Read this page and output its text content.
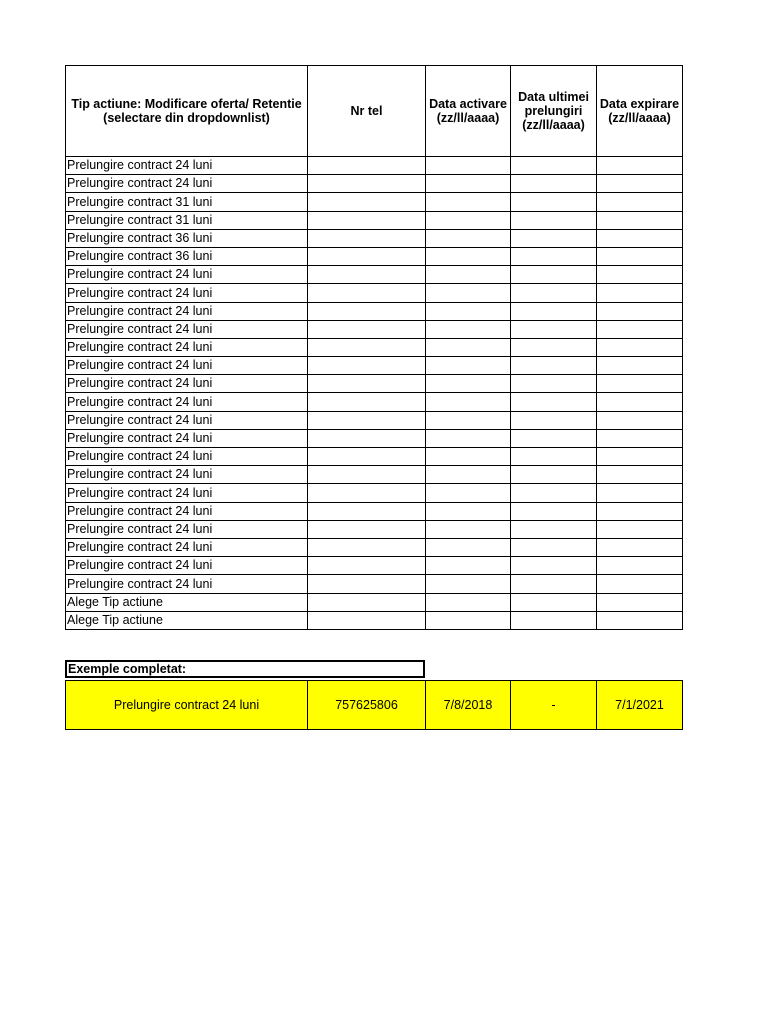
Tip actiune: Modificare oferta/ Retentie (selectare din dropdownlist)	Nr tel	Data activare (zz/ll/aaaa)	Data ultimei prelungiri (zz/ll/aaaa)	Data expirare (zz/ll/aaaa)
Prelungire contract 24 luni				
Prelungire contract 24 luni				
Prelungire contract 31 luni				
Prelungire contract 31 luni				
Prelungire contract 36 luni				
Prelungire contract 36 luni				
Prelungire contract 24 luni				
Prelungire contract 24 luni				
Prelungire contract 24 luni				
Prelungire contract 24 luni				
Prelungire contract 24 luni				
Prelungire contract 24 luni				
Prelungire contract 24 luni				
Prelungire contract 24 luni				
Prelungire contract 24 luni				
Prelungire contract 24 luni				
Prelungire contract 24 luni				
Prelungire contract 24 luni				
Prelungire contract 24 luni				
Prelungire contract 24 luni				
Prelungire contract 24 luni				
Prelungire contract 24 luni				
Prelungire contract 24 luni				
Prelungire contract 24 luni				
Alege Tip actiune				
Alege Tip actiune				
Exemple completat:
Prelungire contract 24 luni	757625806	7/8/2018	-	7/1/2021
